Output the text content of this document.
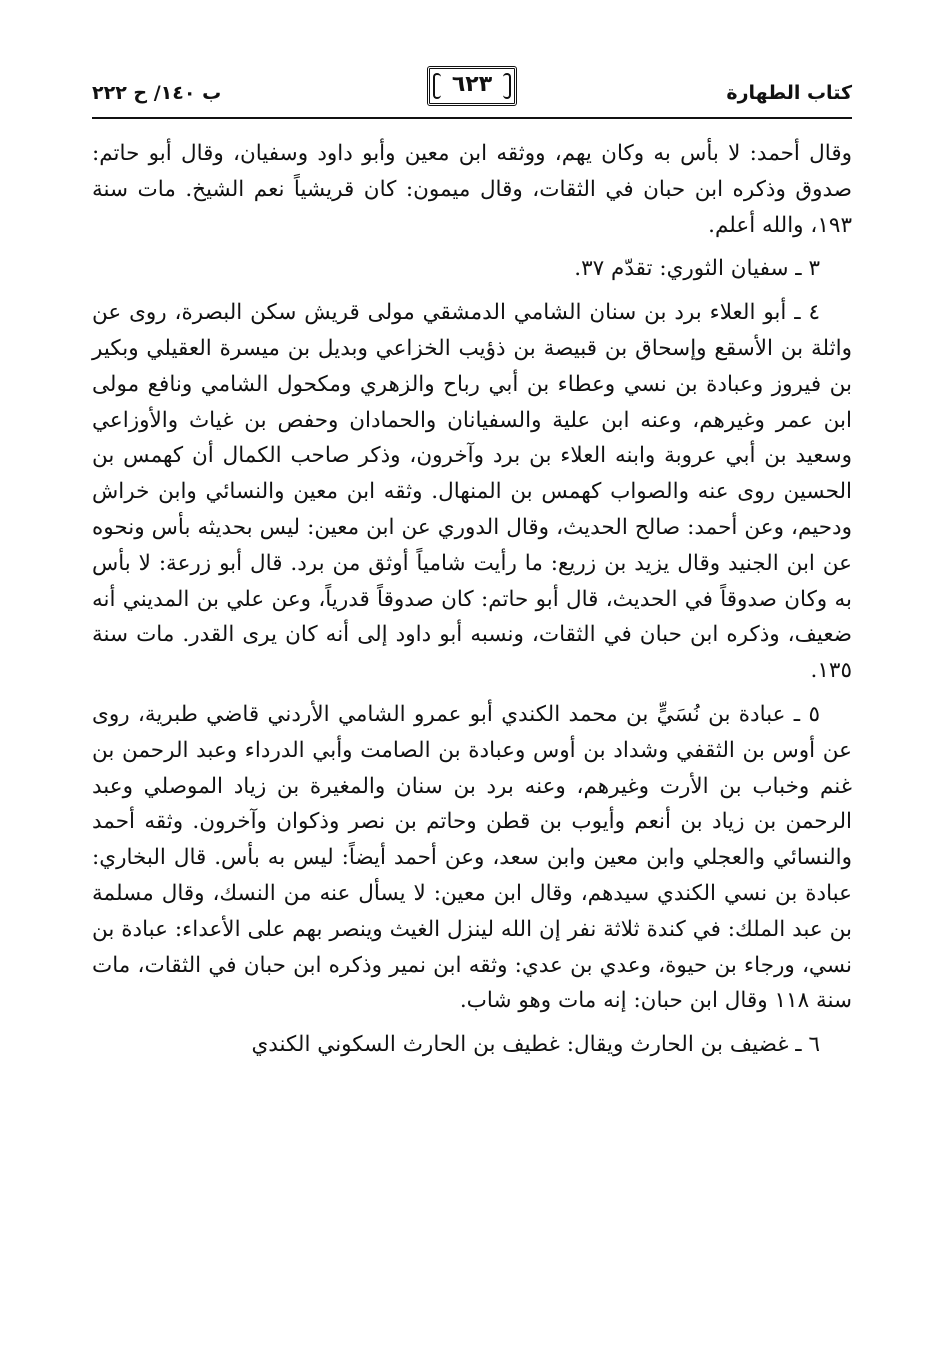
كتاب الطهارة
٦٢٣
ب ١٤٠/ ح ٢٢٢

وقال أحمد: لا بأس به وكان يهم، ووثقه ابن معين وأبو داود وسفيان، وقال أبو حاتم: صدوق وذكره ابن حبان في الثقات، وقال ميمون: كان قريشياً نعم الشيخ. مات سنة ١٩٣، والله أعلم.

٣ ـ سفيان الثوري: تقدّم ٣٧.

٤ ـ أبو العلاء برد بن سنان الشامي الدمشقي مولى قريش سكن البصرة، روى عن واثلة بن الأسقع وإسحاق بن قبيصة بن ذؤيب الخزاعي وبديل بن ميسرة العقيلي وبكير بن فيروز وعبادة بن نسي وعطاء بن أبي رباح والزهري ومكحول الشامي ونافع مولى ابن عمر وغيرهم، وعنه ابن علية والسفيانان والحمادان وحفص بن غياث والأوزاعي وسعيد بن أبي عروبة وابنه العلاء بن برد وآخرون، وذكر صاحب الكمال أن كهمس بن الحسين روى عنه والصواب كهمس بن المنهال. وثقه ابن معين والنسائي وابن خراش ودحيم، وعن أحمد: صالح الحديث، وقال الدوري عن ابن معين: ليس بحديثه بأس ونحوه عن ابن الجنيد وقال يزيد بن زريع: ما رأيت شامياً أوثق من برد. قال أبو زرعة: لا بأس به وكان صدوقاً في الحديث، قال أبو حاتم: كان صدوقاً قدرياً، وعن علي بن المديني أنه ضعيف، وذكره ابن حبان في الثقات، ونسبه أبو داود إلى أنه كان يرى القدر. مات سنة ١٣٥.

٥ ـ عبادة بن نُسَيٍّ بن محمد الكندي أبو عمرو الشامي الأردني قاضي طبرية، روى عن أوس بن الثقفي وشداد بن أوس وعبادة بن الصامت وأبي الدرداء وعبد الرحمن بن غنم وخباب بن الأرت وغيرهم، وعنه برد بن سنان والمغيرة بن زياد الموصلي وعبد الرحمن بن زياد بن أنعم وأيوب بن قطن وحاتم بن نصر وذكوان وآخرون. وثقه أحمد والنسائي والعجلي وابن معين وابن سعد، وعن أحمد أيضاً: ليس به بأس. قال البخاري: عبادة بن نسي الكندي سيدهم، وقال ابن معين: لا يسأل عنه من النسك، وقال مسلمة بن عبد الملك: في كندة ثلاثة نفر إن الله لينزل الغيث وينصر بهم على الأعداء: عبادة بن نسي، ورجاء بن حيوة، وعدي بن عدي: وثقه ابن نمير وذكره ابن حبان في الثقات، مات سنة ١١٨ وقال ابن حبان: إنه مات وهو شاب.

٦ ـ غضيف بن الحارث ويقال: غطيف بن الحارث السكوني الكندي
